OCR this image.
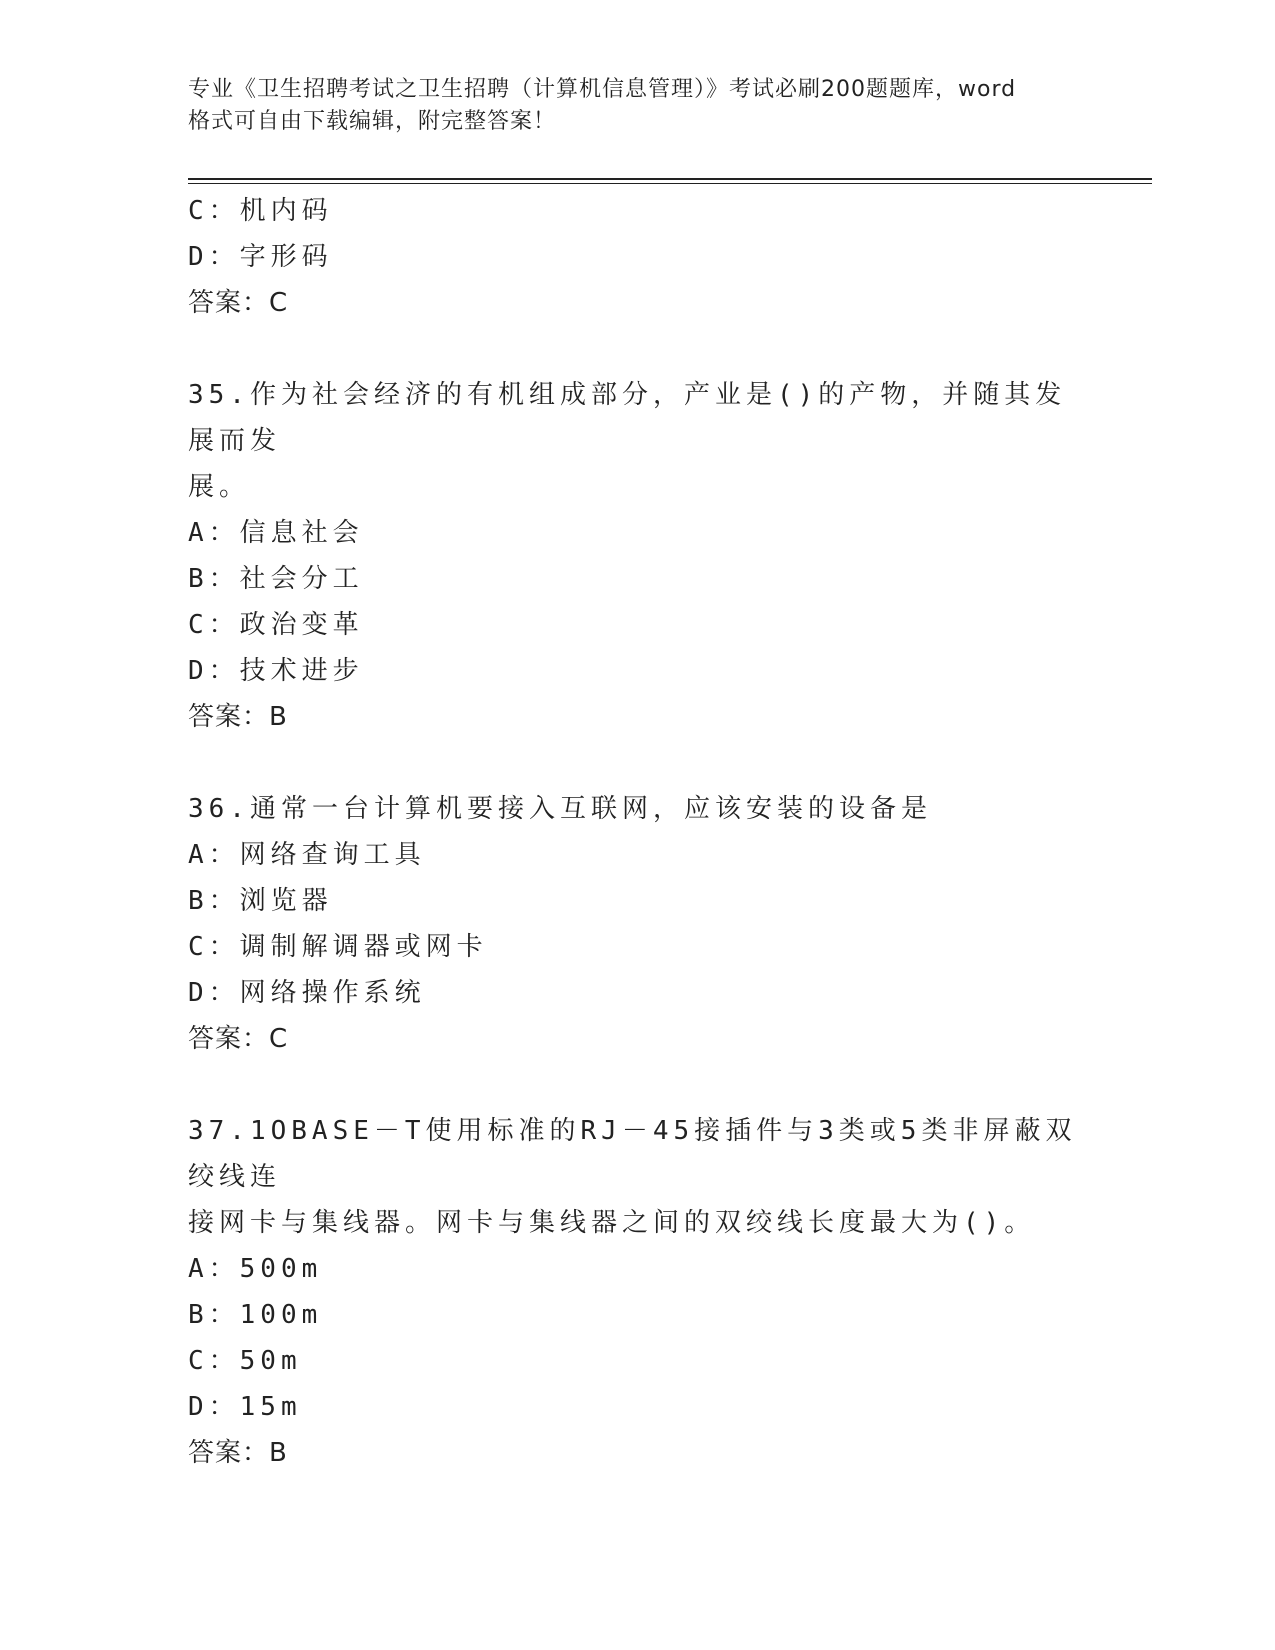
专业《卫生招聘考试之卫生招聘（计算机信息管理）》考试必刷200题题库，word
格式可自由下载编辑，附完整答案！
C：机内码
D：字形码
答案：C
35.作为社会经济的有机组成部分，产业是()的产物，并随其发展而发
展。
A：信息社会
B：社会分工
C：政治变革
D：技术进步
答案：B
36.通常一台计算机要接入互联网，应该安装的设备是
A：网络查询工具
B：浏览器
C：调制解调器或网卡
D：网络操作系统
答案：C
37.1OBASE－T使用标准的RJ－45接插件与3类或5类非屏蔽双绞线连
接网卡与集线器。网卡与集线器之间的双绞线长度最大为()。
A：500m
B：100m
C：50m
D：15m
答案：B
